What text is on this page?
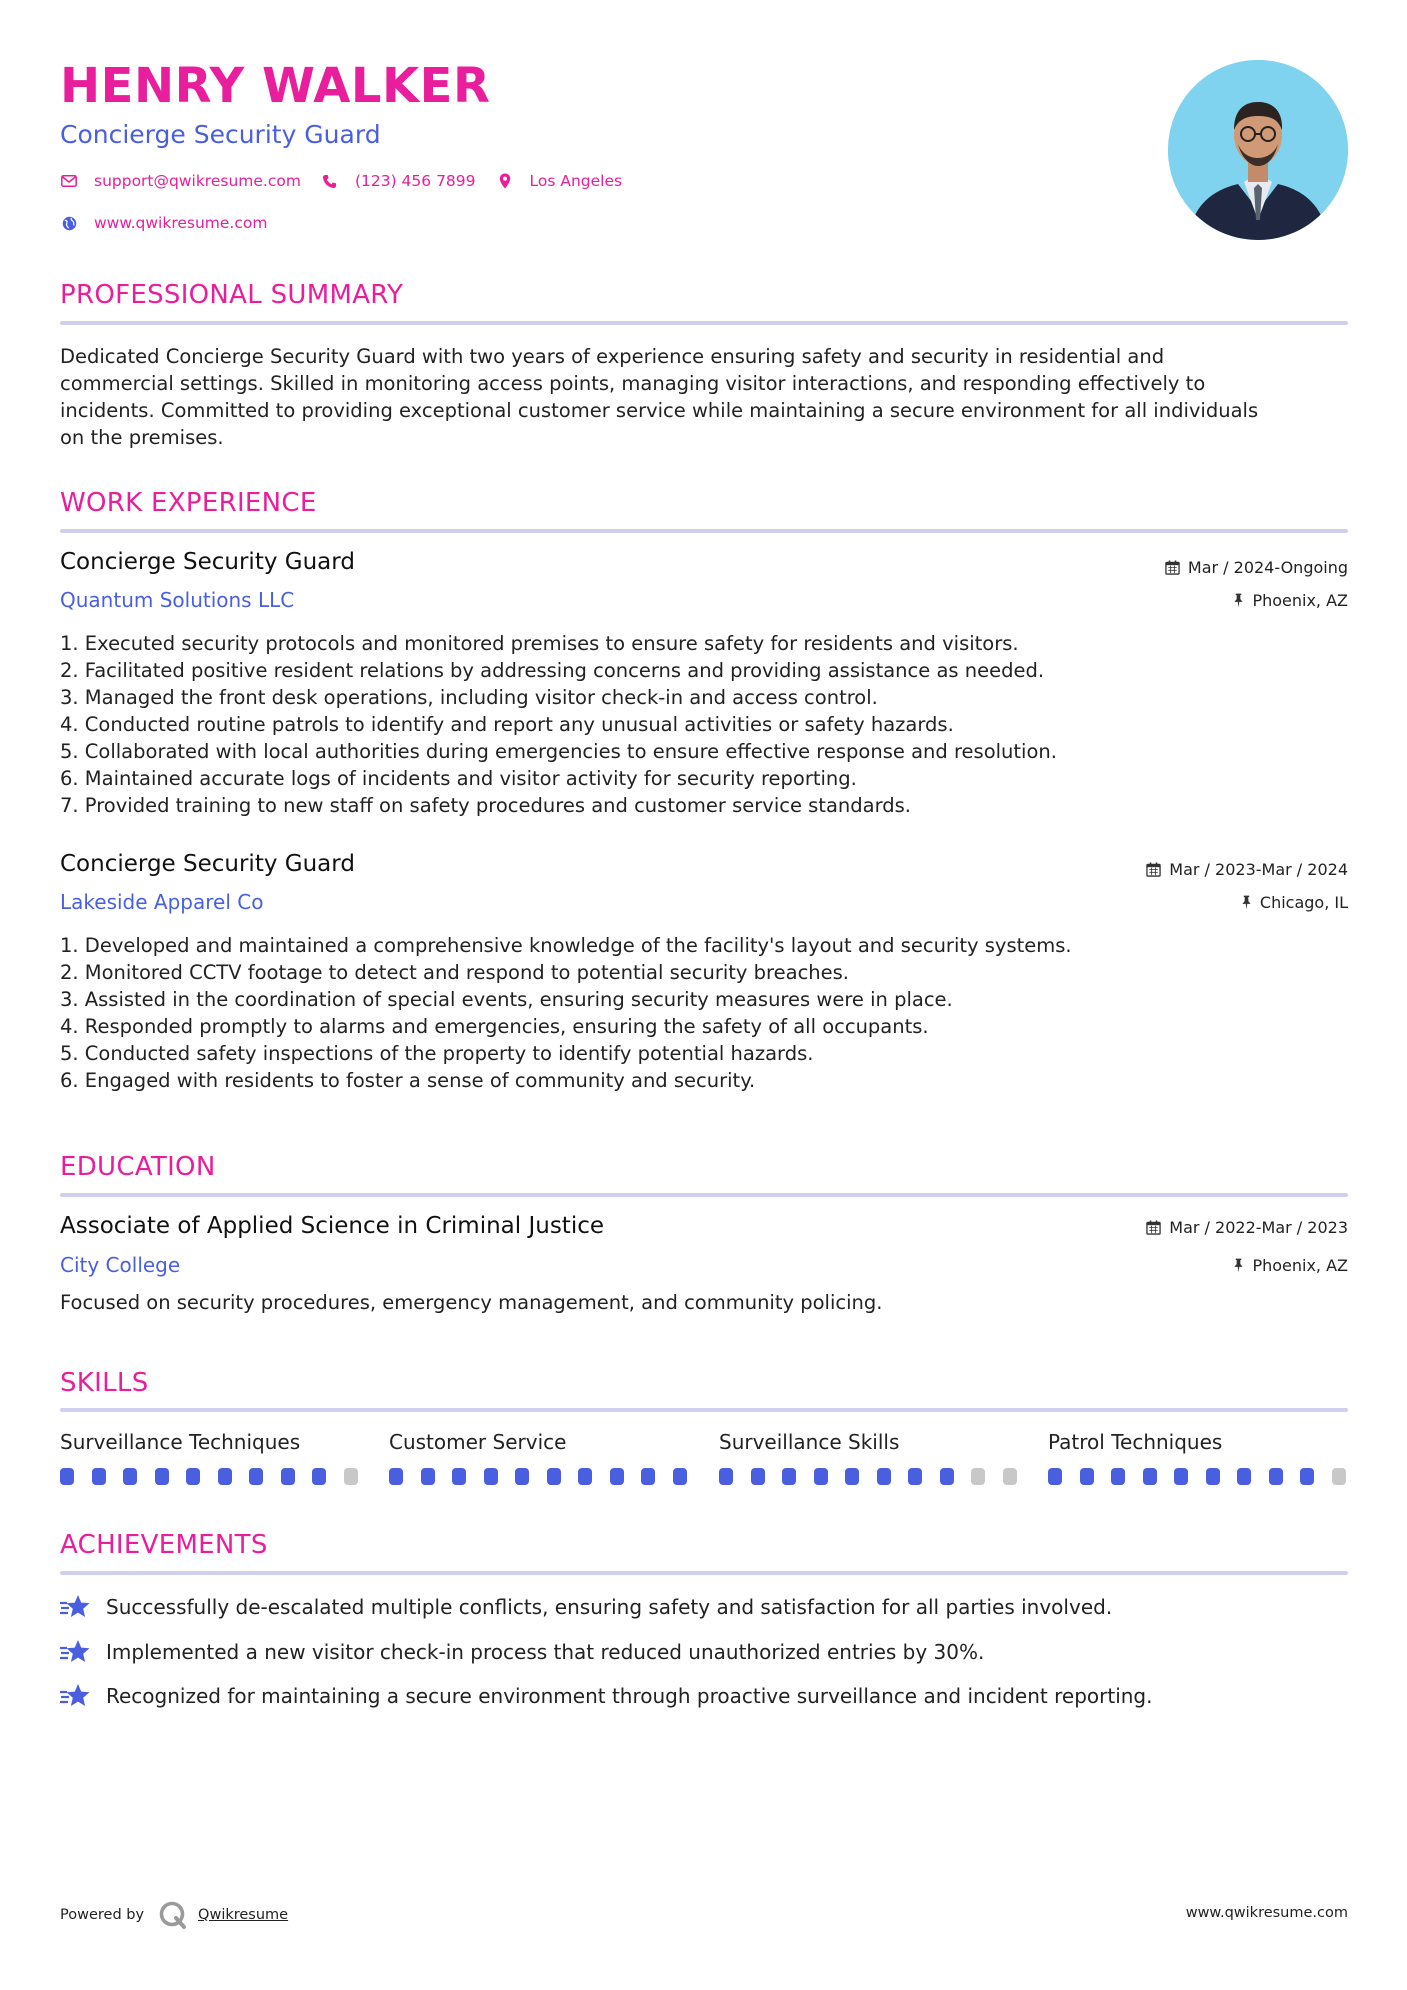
HENRY WALKER
Concierge Security Guard
support@qwikresume.com	(123) 456 7899	Los Angeles
www.qwikresume.com
PROFESSIONAL SUMMARY
Dedicated Concierge Security Guard with two years of experience ensuring safety and security in residential and
commercial settings. Skilled in monitoring access points, managing visitor interactions, and responding effectively to
incidents. Committed to providing exceptional customer service while maintaining a secure environment for all individuals
on the premises.
WORK EXPERIENCE
Concierge Security Guard
Quantum Solutions LLC
Mar / 2024-Ongoing
Phoenix, AZ
1. Executed security protocols and monitored premises to ensure safety for residents and visitors.
2. Facilitated positive resident relations by addressing concerns and providing assistance as needed.
3. Managed the front desk operations, including visitor check-in and access control.
4. Conducted routine patrols to identify and report any unusual activities or safety hazards.
5. Collaborated with local authorities during emergencies to ensure effective response and resolution.
6. Maintained accurate logs of incidents and visitor activity for security reporting.
7. Provided training to new staff on safety procedures and customer service standards.
Concierge Security Guard
Lakeside Apparel Co
Mar / 2023-Mar / 2024
Chicago, IL
1. Developed and maintained a comprehensive knowledge of the facility's layout and security systems.
2. Monitored CCTV footage to detect and respond to potential security breaches.
3. Assisted in the coordination of special events, ensuring security measures were in place.
4. Responded promptly to alarms and emergencies, ensuring the safety of all occupants.
5. Conducted safety inspections of the property to identify potential hazards.
6. Engaged with residents to foster a sense of community and security.
EDUCATION
Associate of Applied Science in Criminal Justice
City College
Mar / 2022-Mar / 2023
Phoenix, AZ
Focused on security procedures, emergency management, and community policing.
SKILLS
Surveillance Techniques	Customer Service	Surveillance Skills	Patrol Techniques
ACHIEVEMENTS
Successfully de-escalated multiple conflicts, ensuring safety and satisfaction for all parties involved.
Implemented a new visitor check-in process that reduced unauthorized entries by 30%.
Recognized for maintaining a secure environment through proactive surveillance and incident reporting.
Powered by	Qwikresume	www.qwikresume.com
